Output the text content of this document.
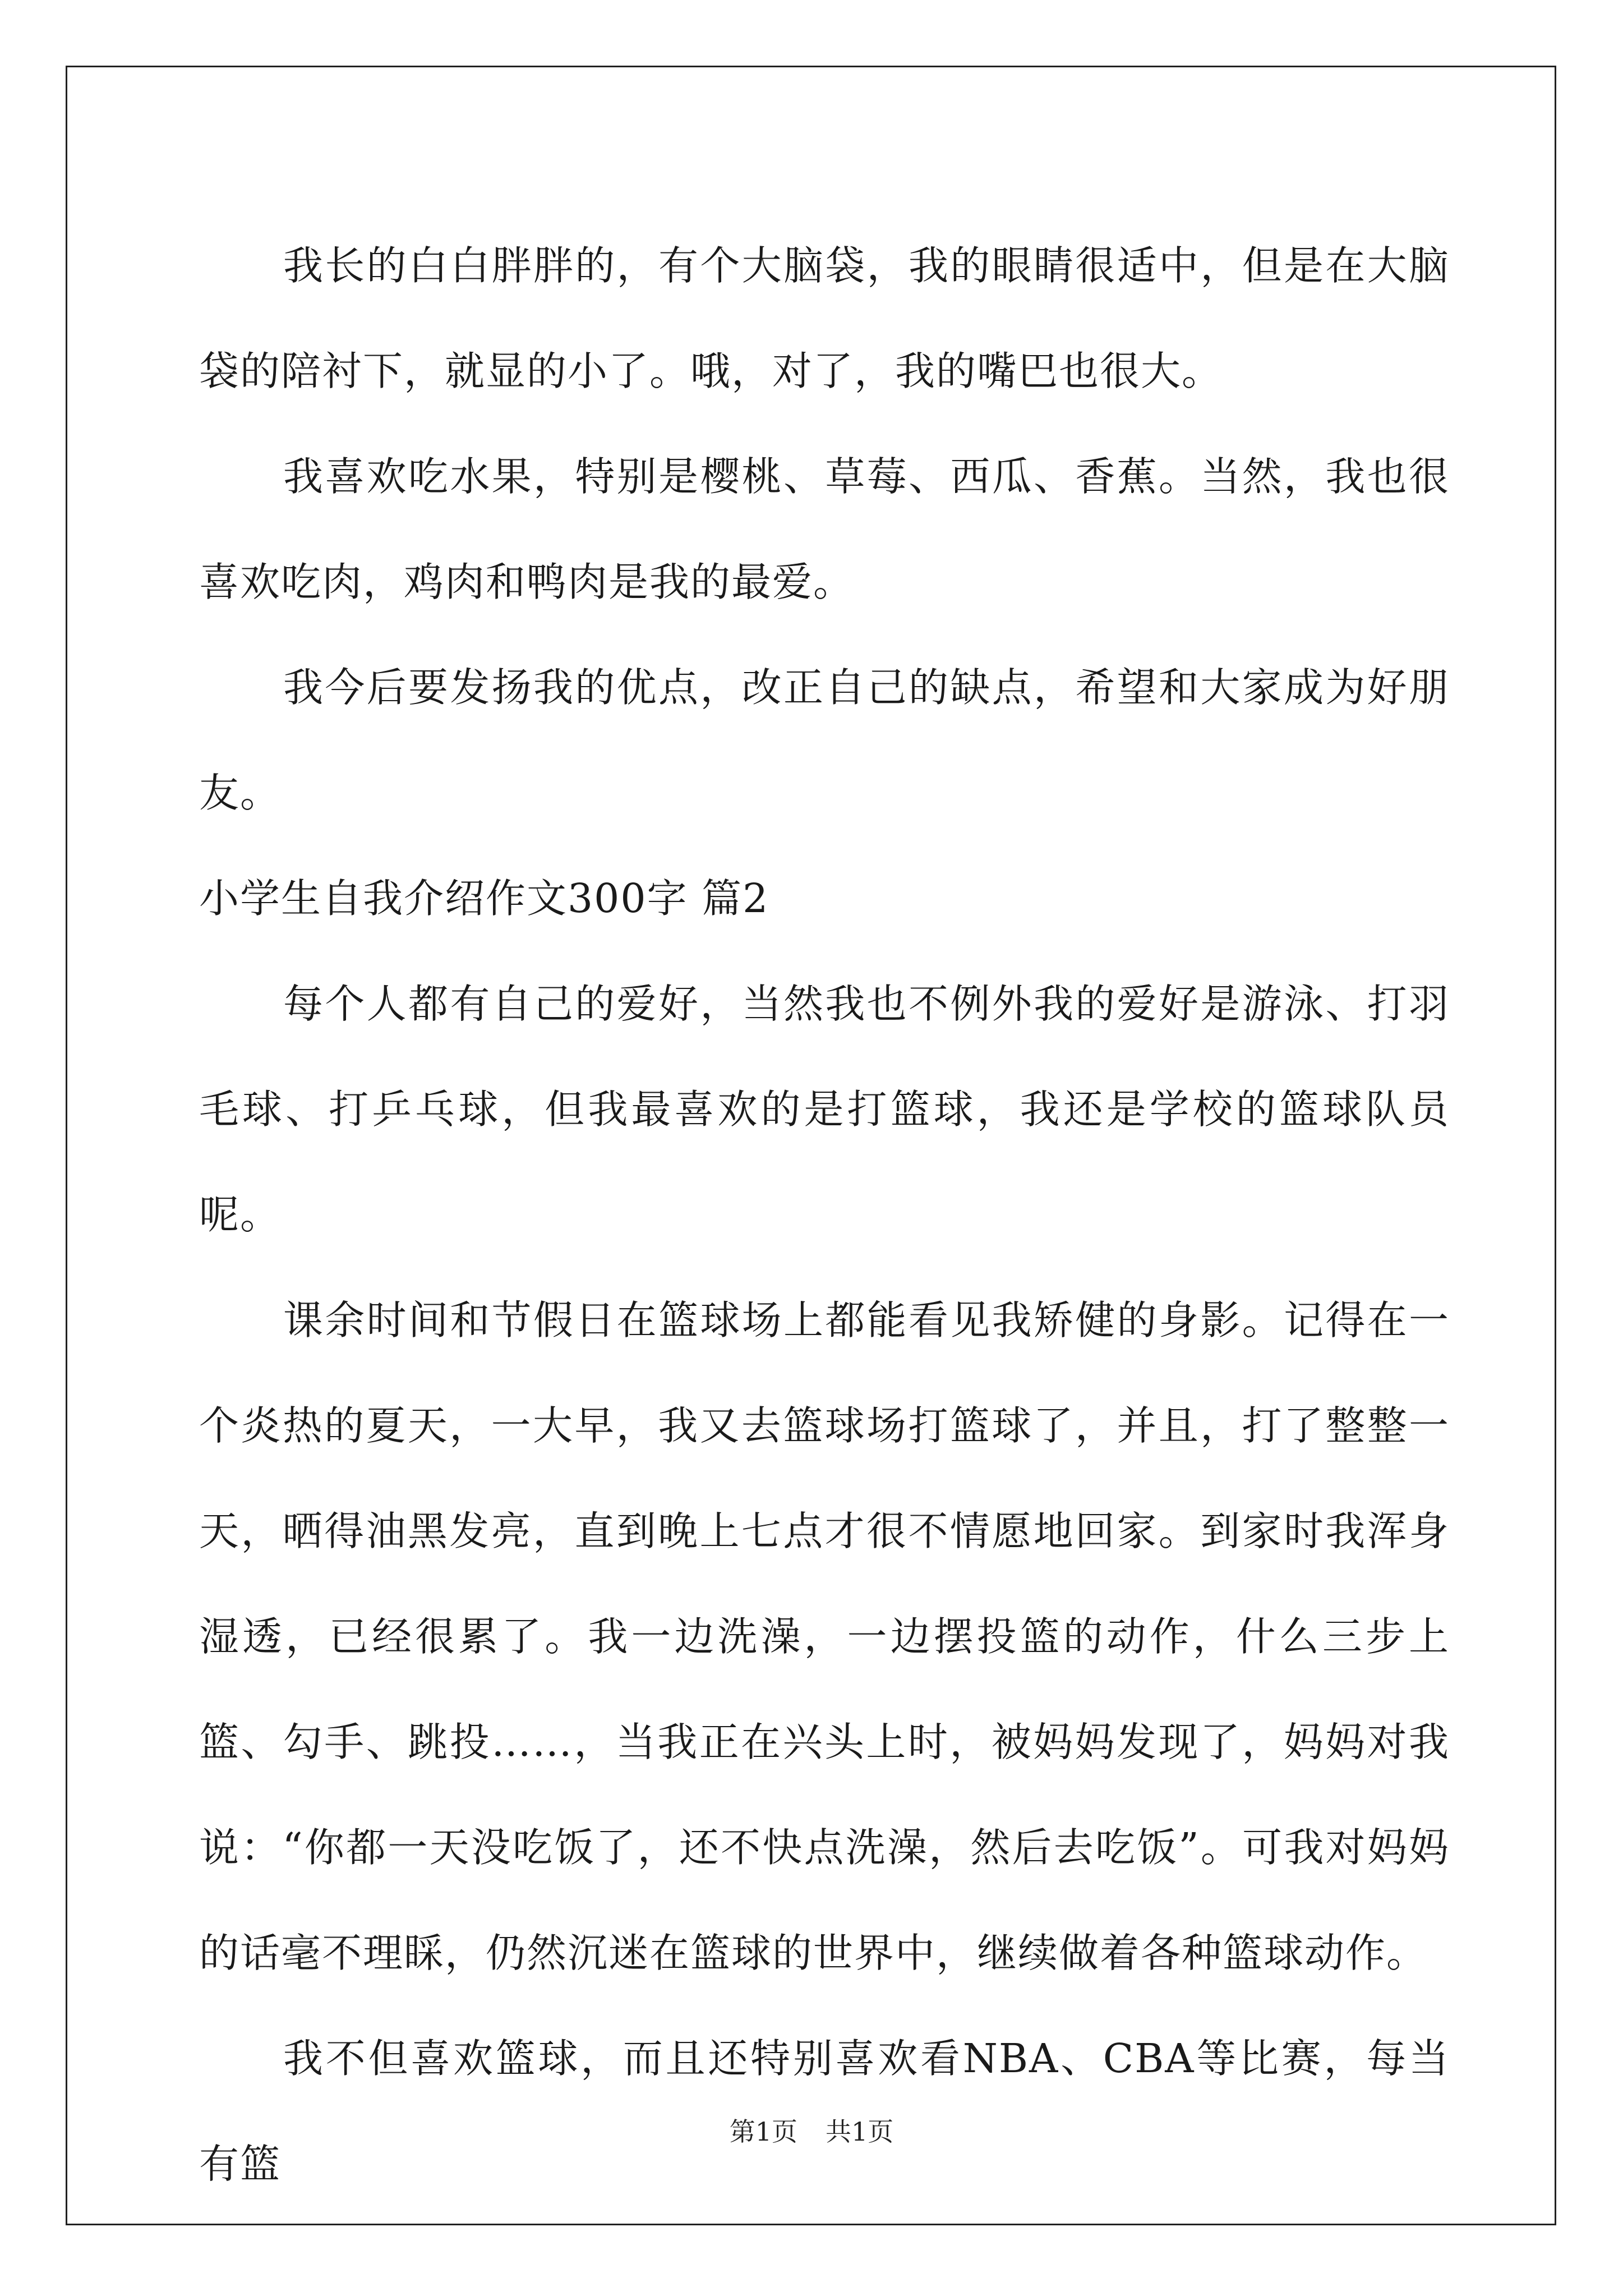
我长的白白胖胖的，有个大脑袋，我的眼睛很适中，但是在大脑袋的陪衬下，就显的小了。哦，对了，我的嘴巴也很大。

我喜欢吃水果，特别是樱桃、草莓、西瓜、香蕉。当然，我也很喜欢吃肉，鸡肉和鸭肉是我的最爱。

我今后要发扬我的优点，改正自己的缺点，希望和大家成为好朋友。

小学生自我介绍作文300字 篇2

每个人都有自己的爱好，当然我也不例外我的爱好是游泳、打羽毛球、打乒乓球，但我最喜欢的是打篮球，我还是学校的篮球队员呢。

课余时间和节假日在篮球场上都能看见我矫健的身影。记得在一个炎热的夏天，一大早，我又去篮球场打篮球了，并且，打了整整一天，晒得油黑发亮，直到晚上七点才很不情愿地回家。到家时我浑身湿透，已经很累了。我一边洗澡，一边摆投篮的动作，什么三步上篮、勾手、跳投……，当我正在兴头上时，被妈妈发现了，妈妈对我说：“你都一天没吃饭了，还不快点洗澡，然后去吃饭”。可我对妈妈的话毫不理睬，仍然沉迷在篮球的世界中，继续做着各种篮球动作。

我不但喜欢篮球，而且还特别喜欢看NBA、CBA等比赛，每当有篮

第1页 共1页
